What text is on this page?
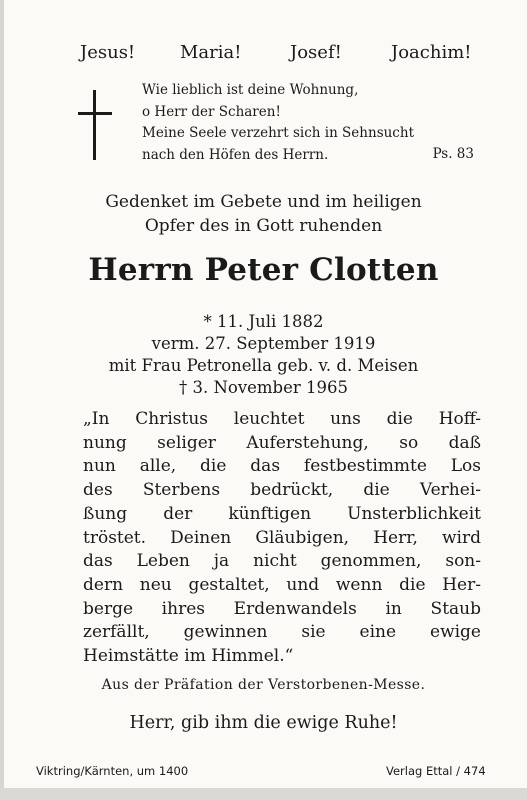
Jesus! Maria!	Josef!	Joachim!
Wie lieblich ist deine Wohnung,
o Herr der Scharen!
Meine Seele verzehrt sich in Sehnsucht
nach den Höfen des Herrn.	Ps. 83
Gedenket im Gebete und im heiligen
Opfer des in Gott ruhenden
Herrn Peter Clotten
* 11. Juli 1882
verm. 27. September 1919
mit Frau Petronella geb. v. d. Meisen
† 3. November 1965
„In Christus leuchtet uns die Hoff-
nung seliger Auferstehung, so daß
nun alle, die das festbestimmte Los
des Sterbens bedrückt, die Verhei-
ßung der künftigen Unsterblichkeit
tröstet. Deinen Gläubigen, Herr, wird
das Leben ja nicht genommen, son-
dern neu gestaltet, und wenn die Her-
berge ihres Erdenwandels in Staub
zerfällt, gewinnen sie eine ewige
Heimstätte im Himmel.“
Aus der Präfation der Verstorbenen-Messe.
Herr, gib ihm die ewige Ruhe!
Viktring/Kärnten, um 1400	Verlag Ettal / 474
